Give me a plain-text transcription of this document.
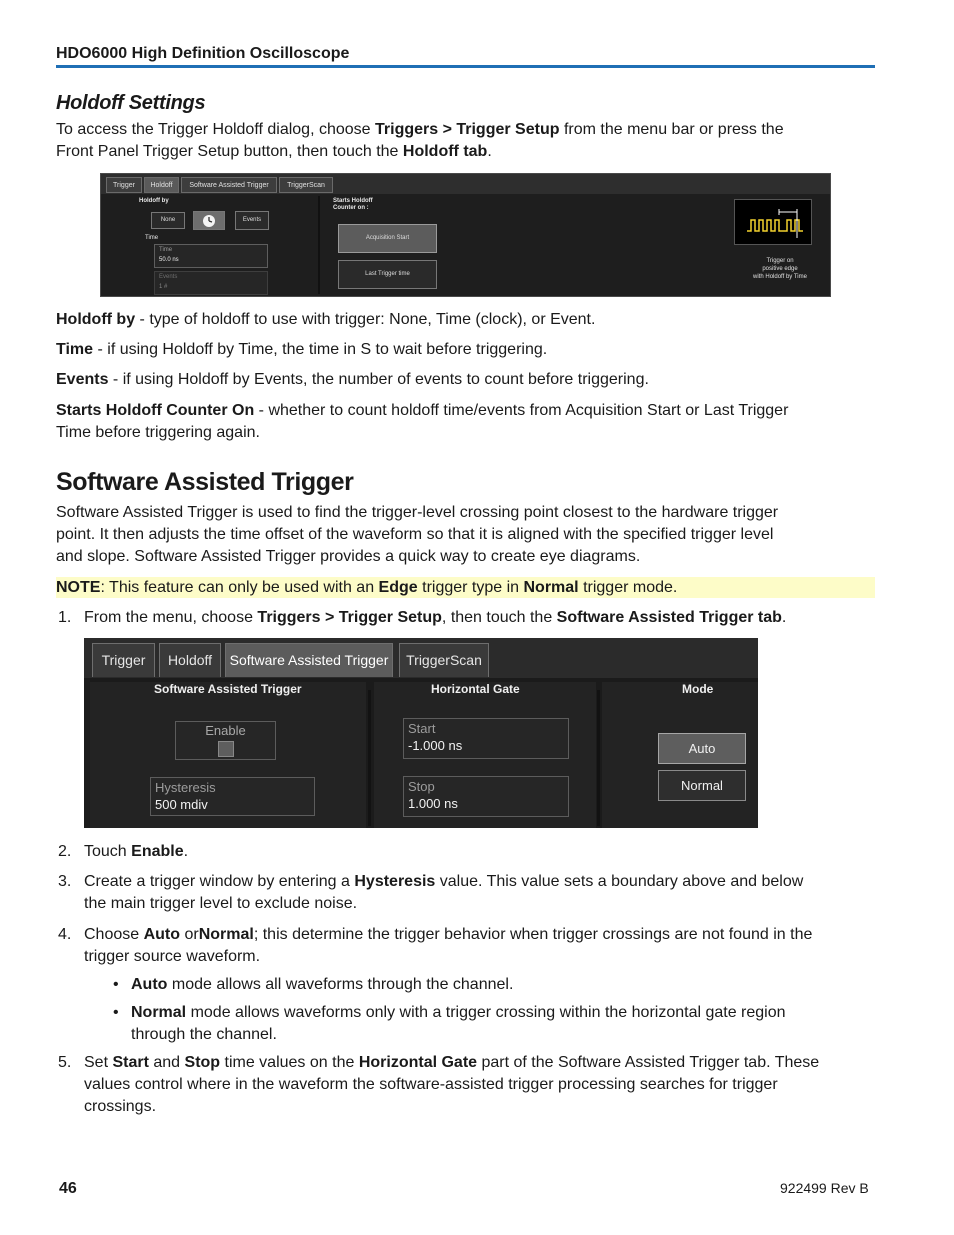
HDO6000 High Definition Oscilloscope
Holdoff Settings
To access the Trigger Holdoff dialog, choose Triggers > Trigger Setup from the menu bar or press the
Front Panel Trigger Setup button, then touch the Holdoff tab.
Trigger	Holdoff	Software Assisted Trigger	TriggerScan
Holdoff by
None	Events
Time
Time
50.0 ns
Events
1 #
Starts Holdoff
Counter on :
Acquisition Start
Last Trigger time
Trigger on
positive edge
with Holdoff by Time
Holdoff by - type of holdoff to use with trigger: None, Time (clock), or Event.
Time - if using Holdoff by Time, the time in S to wait before triggering.
Events - if using Holdoff by Events, the number of events to count before triggering.
Starts Holdoff Counter On - whether to count holdoff time/events from Acquisition Start or Last Trigger
Time before triggering again.
Software Assisted Trigger
Software Assisted Trigger is used to find the trigger-level crossing point closest to the hardware trigger
point. It then adjusts the time offset of the waveform so that it is aligned with the specified trigger level
and slope. Software Assisted Trigger provides a quick way to create eye diagrams.
NOTE: This feature can only be used with an Edge trigger type in Normal trigger mode.
1. From the menu, choose Triggers > Trigger Setup, then touch the Software Assisted Trigger tab.
Trigger	Holdoff	Software Assisted Trigger	TriggerScan
Software Assisted Trigger	Horizontal Gate	Mode
Enable
Hysteresis
500 mdiv
Start
-1.000 ns
Stop
1.000 ns
Auto
Normal
2. Touch Enable.
3. Create a trigger window by entering a Hysteresis value. This value sets a boundary above and below
the main trigger level to exclude noise.
4. Choose Auto orNormal; this determine the trigger behavior when trigger crossings are not found in the
trigger source waveform.
• Auto mode allows all waveforms through the channel.
• Normal mode allows waveforms only with a trigger crossing within the horizontal gate region
through the channel.
5. Set Start and Stop time values on the Horizontal Gate part of the Software Assisted Trigger tab. These
values control where in the waveform the software-assisted trigger processing searches for trigger
crossings.
46	922499 Rev B
